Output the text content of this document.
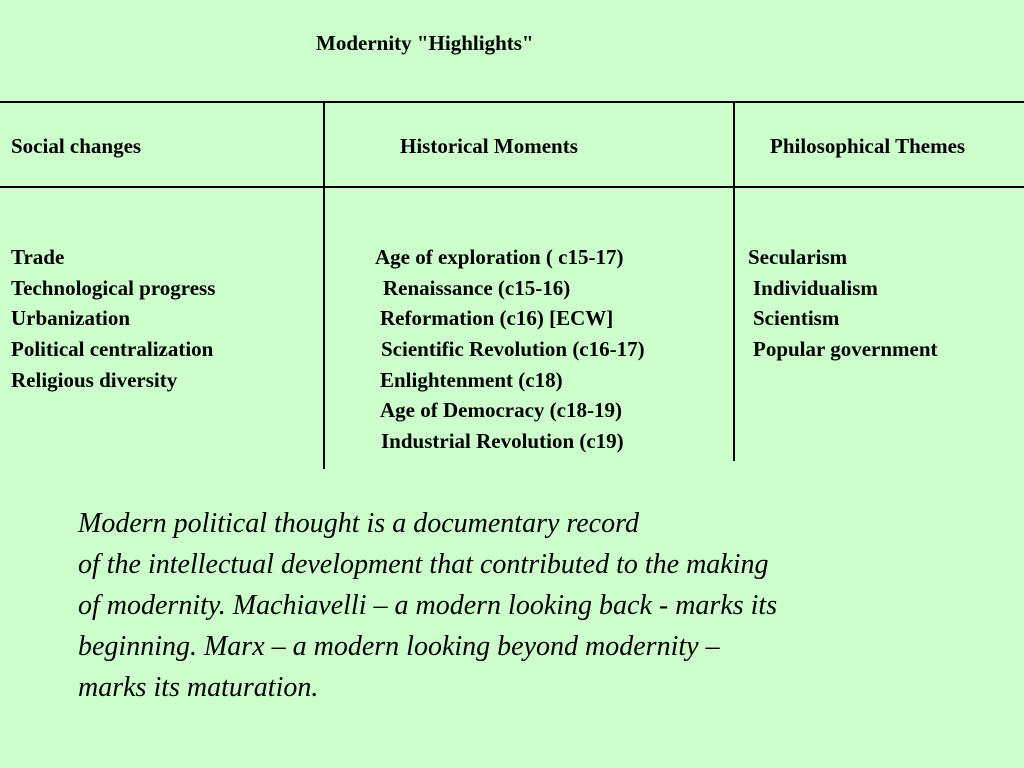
Modernity "Highlights"
Social changes	Historical Moments	Philosophical Themes
Trade
Technological progress
Urbanization
Political centralization
Religious diversity
Age of exploration ( c15-17)
Renaissance (c15-16)
Reformation (c16) [ECW]
Scientific Revolution (c16-17)
Enlightenment (c18)
Age of Democracy (c18-19)
Industrial Revolution (c19)
Secularism
Individualism
Scientism
Popular government
Modern political thought is a documentary record
of the intellectual development that contributed to the making
of modernity. Machiavelli – a modern looking back - marks its
beginning. Marx – a modern looking beyond modernity –
marks its maturation.
